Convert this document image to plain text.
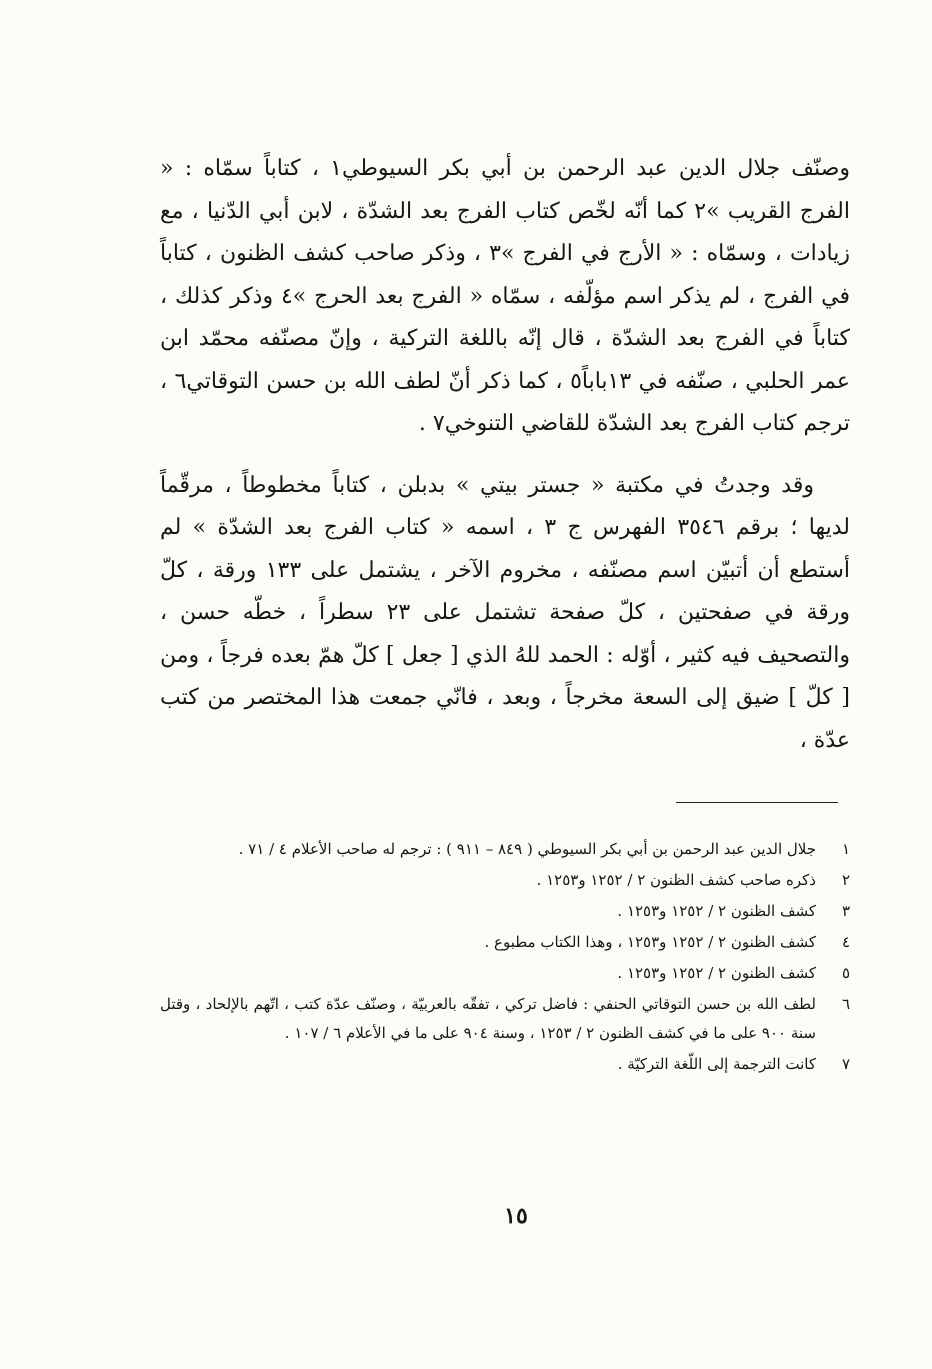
وصنّف جلال الدين عبد الرحمن بن أبي بكر السيوطي١ ، كتاباً سمّاه : « الفرج القريب »٢ كما أنّه لخّص كتاب الفرج بعد الشدّة ، لابن أبي الدّنيا ، مع زيادات ، وسمّاه : « الأرج في الفرج »٣ ، وذكر صاحب كشف الظنون ، كتاباً في الفرج ، لم يذكر اسم مؤلّفه ، سمّاه « الفرج بعد الحرج »٤ وذكر كذلك ، كتاباً في الفرج بعد الشدّة ، قال إنّه باللغة التركية ، وإنّ مصنّفه محمّد ابن عمر الحلبي ، صنّفه في ١٣باباً٥ ، كما ذكر أنّ لطف الله بن حسن التوقاتي٦ ، ترجم كتاب الفرج بعد الشدّة للقاضي التنوخي٧ .

وقد وجدتُ في مكتبة « جستر بيتي » بدبلن ، كتاباً مخطوطاً ، مرقّماً لديها ؛ برقم ٣٥٤٦ الفهرس ج ٣ ، اسمه « كتاب الفرج بعد الشدّة » لم أستطع أن أتبيّن اسم مصنّفه ، مخروم الآخر ، يشتمل على ١٣٣ ورقة ، كلّ ورقة في صفحتين ، كلّ صفحة تشتمل على ٢٣ سطراً ، خطّه حسن ، والتصحيف فيه كثير ، أوّله : الحمد للهُ الذي [ جعل ] كلّ همّ بعده فرجاً ، ومن [ كلّ ] ضيق إلى السعة مخرجاً ، وبعد ، فانّي جمعت هذا المختصر من كتب عدّة ،

١
جلال الدين عبد الرحمن بن أبي بكر السيوطي ( ٨٤٩ – ٩١١ ) : ترجم له صاحب الأعلام ٤ / ٧١ .
٢
ذكره صاحب كشف الظنون ٢ / ١٢٥٢ و١٢٥٣ .
٣
كشف الظنون ٢ / ١٢٥٢ و١٢٥٣ .
٤
كشف الظنون ٢ / ١٢٥٢ و١٢٥٣ ، وهذا الكتاب مطبوع .
٥
كشف الظنون ٢ / ١٢٥٢ و١٢٥٣ .
٦
لطف الله بن حسن التوقاتي الحنفي : فاضل تركي ، تفقّه بالعربيّة ، وصنّف عدّة كتب ، اتّهم بالإلحاد ، وقتل سنة ٩٠٠ على ما في كشف الظنون ٢ / ١٢٥٣ ، وسنة ٩٠٤ على ما في الأعلام ٦ / ١٠٧ .
٧
كانت الترجمة إلى اللّغة التركيّة .
١٥
